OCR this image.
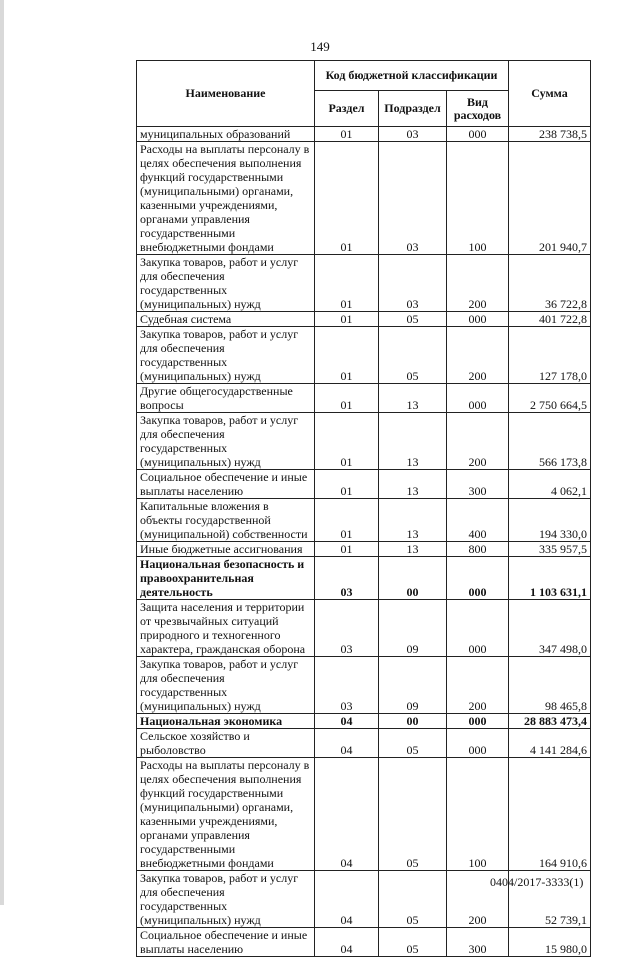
149
Наименование	Код бюджетной классификации			Сумма
	Раздел	Подраздел	Вид расходов	
муниципальных образований	01	03	000	238 738,5
Расходы на выплаты персоналу в целях обеспечения выполнения функций государственными (муниципальными) органами, казенными учреждениями, органами управления государственными внебюджетными фондами	01	03	100	201 940,7
Закупка товаров, работ и услуг для обеспечения государственных (муниципальных) нужд	01	03	200	36 722,8
Судебная система	01	05	000	401 722,8
Закупка товаров, работ и услуг для обеспечения государственных (муниципальных) нужд	01	05	200	127 178,0
Другие общегосударственные вопросы	01	13	000	2 750 664,5
Закупка товаров, работ и услуг для обеспечения государственных (муниципальных) нужд	01	13	200	566 173,8
Социальное обеспечение и иные выплаты населению	01	13	300	4 062,1
Капитальные вложения в объекты государственной (муниципальной) собственности	01	13	400	194 330,0
Иные бюджетные ассигнования	01	13	800	335 957,5
Национальная безопасность и правоохранительная деятельность	03	00	000	1 103 631,1
Защита населения и территории от чрезвычайных ситуаций природного и техногенного характера, гражданская оборона	03	09	000	347 498,0
Закупка товаров, работ и услуг для обеспечения государственных (муниципальных) нужд	03	09	200	98 465,8
Национальная экономика	04	00	000	28 883 473,4
Сельское хозяйство и рыболовство	04	05	000	4 141 284,6
Расходы на выплаты персоналу в целях обеспечения выполнения функций государственными (муниципальными) органами, казенными учреждениями, органами управления государственными внебюджетными фондами	04	05	100	164 910,6
Закупка товаров, работ и услуг для обеспечения государственных (муниципальных) нужд	04	05	200	52 739,1
Социальное обеспечение и иные выплаты населению	04	05	300	15 980,0
0404/2017-3333(1)
